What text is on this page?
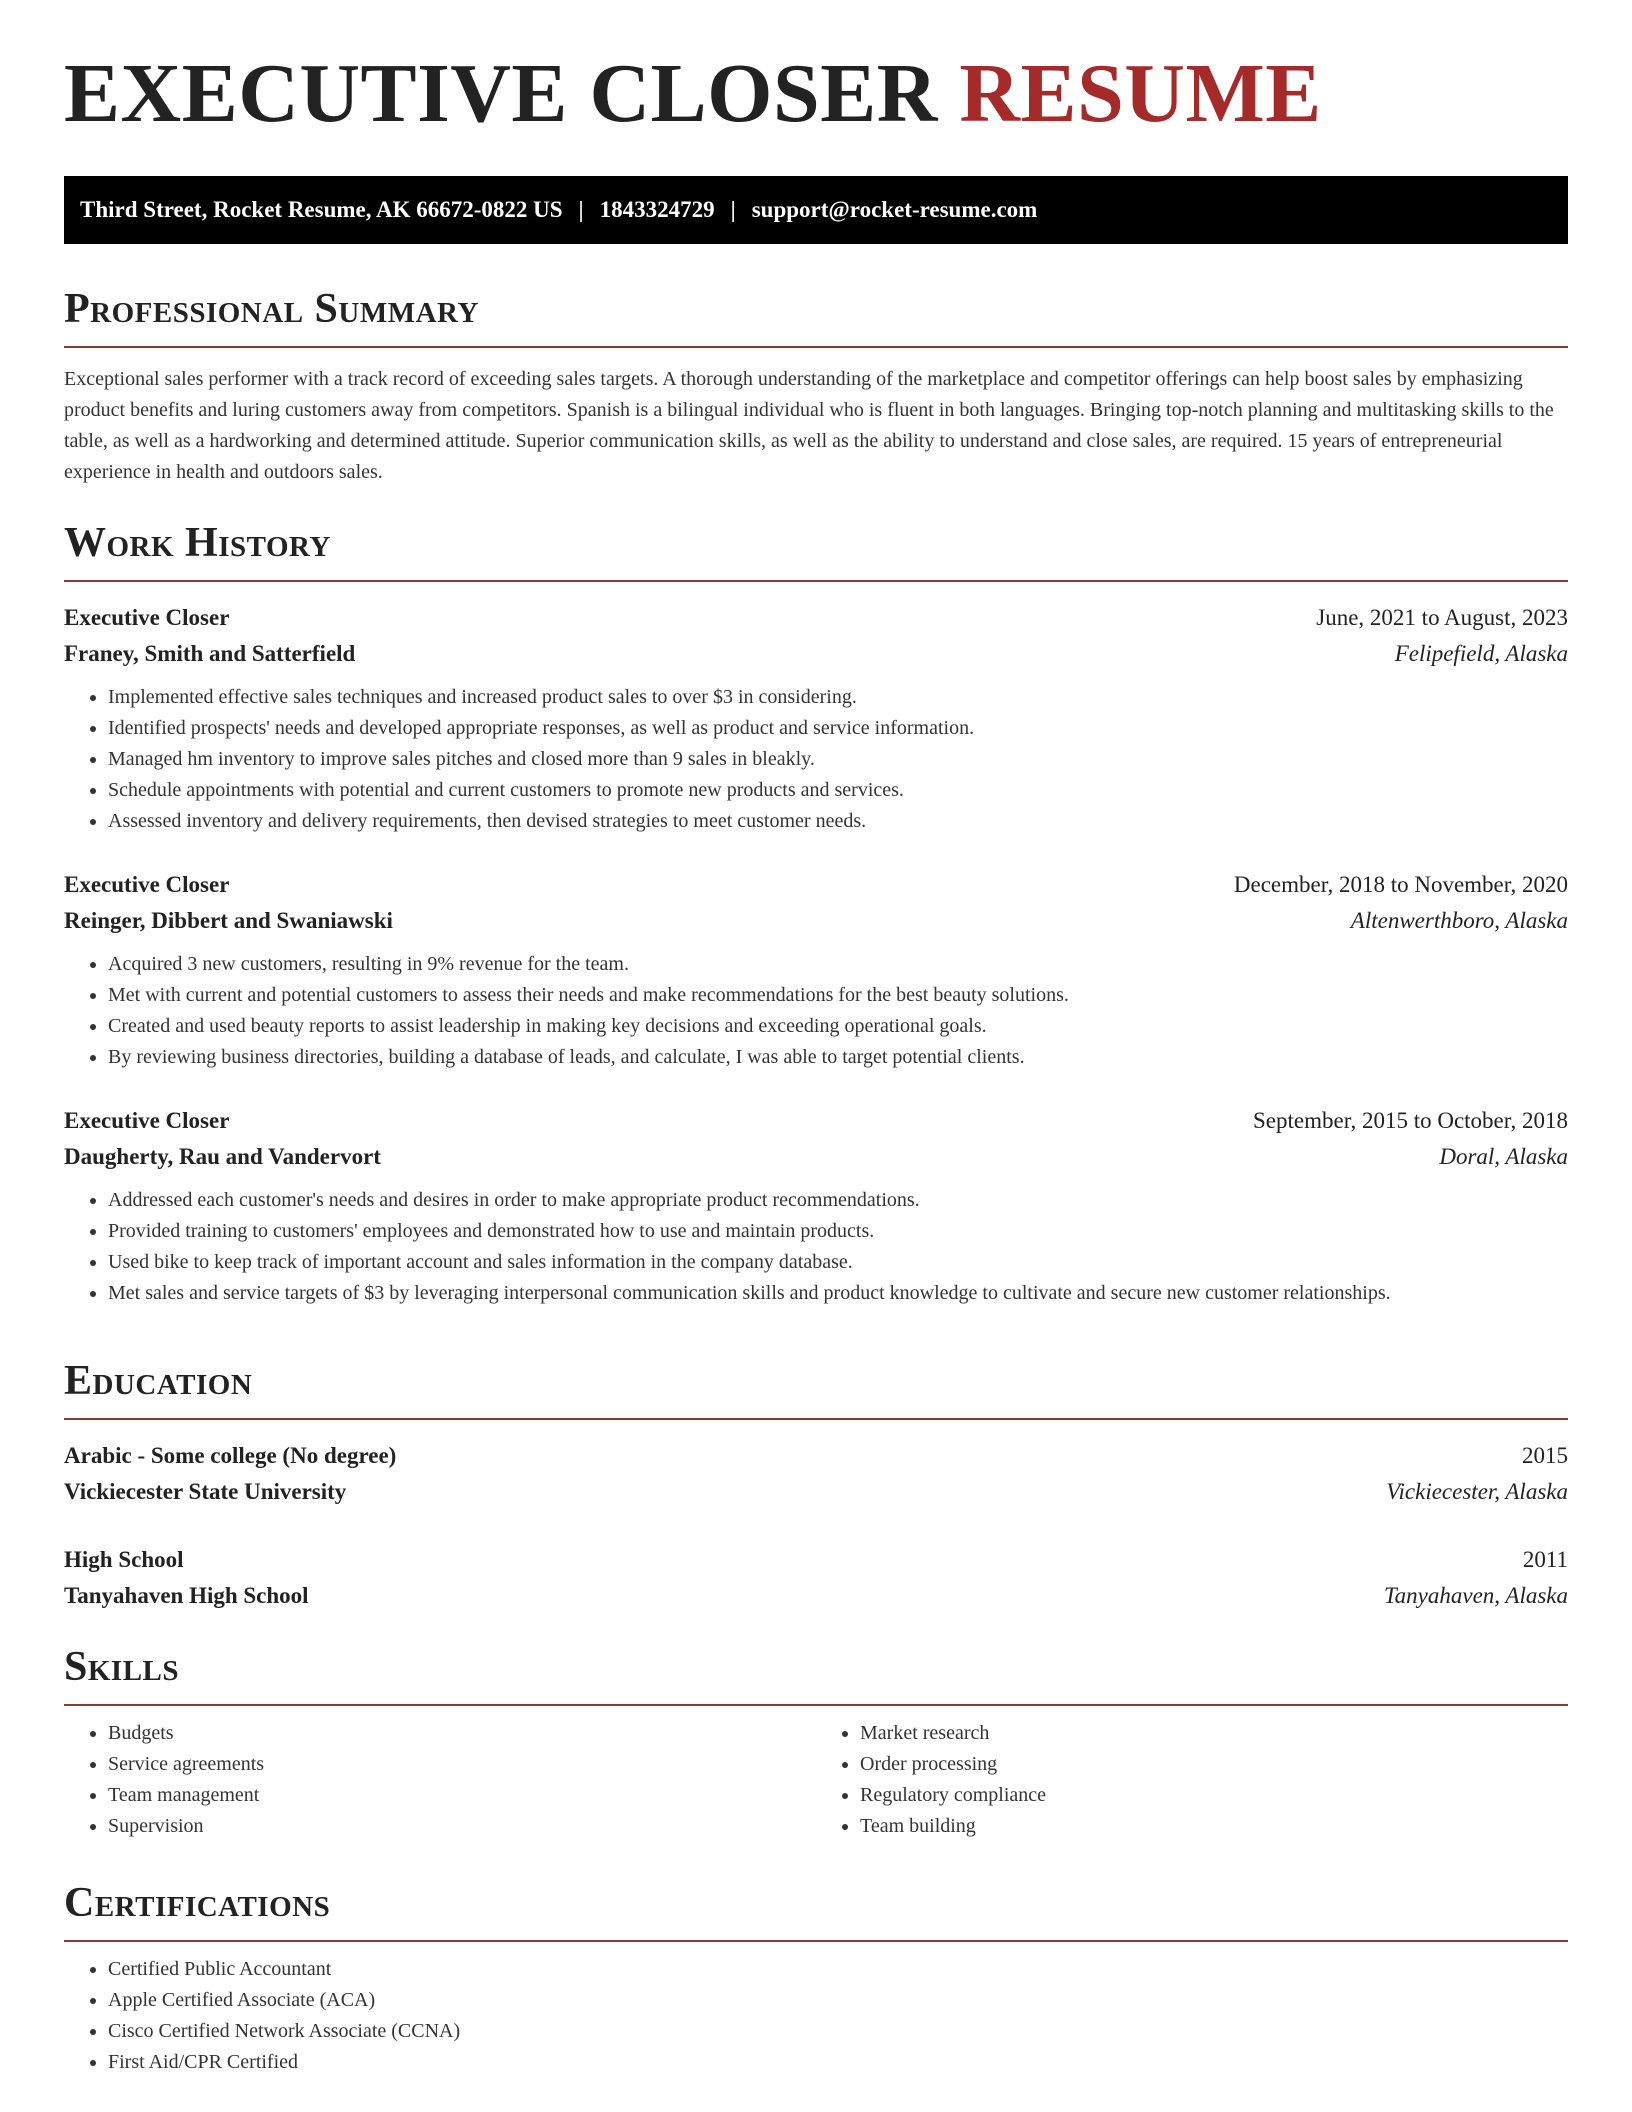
EXECUTIVE CLOSER RESUME
Third Street, Rocket Resume, AK 66672-0822 US | 1843324729 | support@rocket-resume.com
Professional Summary

Exceptional sales performer with a track record of exceeding sales targets. A thorough understanding of the marketplace and competitor offerings can help boost sales by emphasizing product benefits and luring customers away from competitors. Spanish is a bilingual individual who is fluent in both languages. Bringing top-notch planning and multitasking skills to the table, as well as a hardworking and determined attitude. Superior communication skills, as well as the ability to understand and close sales, are required. 15 years of entrepreneurial experience in health and outdoors sales.

Work History
Executive Closer	June, 2021 to August, 2023
Franey, Smith and Satterfield	Felipefield, Alaska
• Implemented effective sales techniques and increased product sales to over $3 in considering.
• Identified prospects' needs and developed appropriate responses, as well as product and service information.
• Managed hm inventory to improve sales pitches and closed more than 9 sales in bleakly.
• Schedule appointments with potential and current customers to promote new products and services.
• Assessed inventory and delivery requirements, then devised strategies to meet customer needs.
Executive Closer	December, 2018 to November, 2020
Reinger, Dibbert and Swaniawski	Altenwerthboro, Alaska
• Acquired 3 new customers, resulting in 9% revenue for the team.
• Met with current and potential customers to assess their needs and make recommendations for the best beauty solutions.
• Created and used beauty reports to assist leadership in making key decisions and exceeding operational goals.
• By reviewing business directories, building a database of leads, and calculate, I was able to target potential clients.
Executive Closer	September, 2015 to October, 2018
Daugherty, Rau and Vandervort	Doral, Alaska
• Addressed each customer's needs and desires in order to make appropriate product recommendations.
• Provided training to customers' employees and demonstrated how to use and maintain products.
• Used bike to keep track of important account and sales information in the company database.
• Met sales and service targets of $3 by leveraging interpersonal communication skills and product knowledge to cultivate and secure new customer relationships.
Education
Arabic - Some college (No degree)	2015
Vickiecester State University	Vickiecester, Alaska
High School	2011
Tanyahaven High School	Tanyahaven, Alaska
Skills
• Budgets
• Service agreements
• Team management
• Supervision
• Market research
• Order processing
• Regulatory compliance
• Team building
Certifications
• Certified Public Accountant
• Apple Certified Associate (ACA)
• Cisco Certified Network Associate (CCNA)
• First Aid/CPR Certified
